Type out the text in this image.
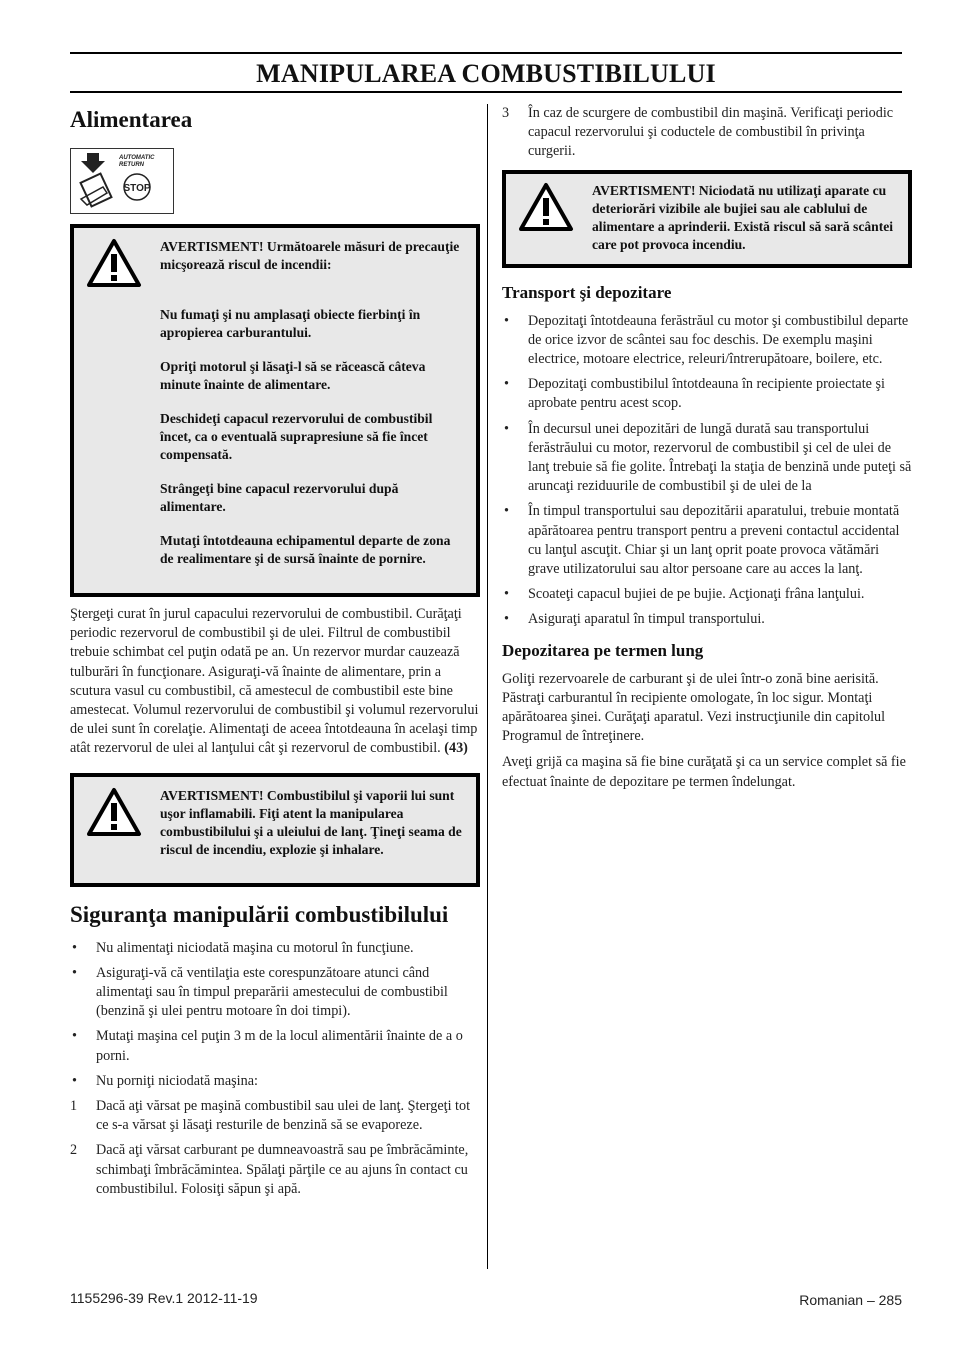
MANIPULAREA COMBUSTIBILULUI
Alimentarea
STOP
AUTOMATIC
RETURN

AVERTISMENT! Următoarele măsuri de precauţie micşorează riscul de incendii:

Nu fumaţi şi nu amplasaţi obiecte fierbinţi în apropierea carburantului.

Opriţi motorul şi lăsaţi-l să se răcească câteva minute înainte de alimentare.

Deschideţi capacul rezervorului de combustibil încet, ca o eventuală suprapresiune să fie încet compensată.

Strângeţi bine capacul rezervorului după alimentare.

Mutaţi întotdeauna echipamentul departe de zona de realimentare şi de sursă înainte de pornire.

Ştergeţi curat în jurul capacului rezervorului de combustibil. Curăţaţi periodic rezervorul de combustibil şi de ulei. Filtrul de combustibil trebuie schimbat cel puţin odată pe an. Un rezervor murdar cauzează tulburări în funcţionare. Asiguraţi-vă înainte de alimentare, prin a scutura vasul cu combustibil, că amestecul de combustibil este bine amestecat. Volumul rezervorului de combustibil şi volumul rezervorului de ulei sunt în corelaţie. Alimentaţi de aceea întotdeauna în acelaşi timp atât rezervorul de ulei al lanţului cât şi rezervorul de combustibil. (43)

AVERTISMENT! Combustibilul şi vaporii lui sunt uşor inflamabili. Fiţi atent la manipularea combustibilului şi a uleiului de lanţ. Ţineţi seama de riscul de incendiu, explozie şi inhalare.

Siguranţa manipulării combustibilului
• Nu alimentaţi niciodată maşina cu motorul în funcţiune.
• Asiguraţi-vă că ventilaţia este corespunzătoare atunci când alimentaţi sau în timpul preparării amestecului de combustibil (benzină şi ulei pentru motoare în doi timpi).
• Mutaţi maşina cel puţin 3 m de la locul alimentării înainte de a o porni.
• Nu porniţi niciodată maşina:
1 Dacă aţi vărsat pe maşină combustibil sau ulei de lanţ. Ştergeţi tot ce s-a vărsat şi lăsaţi resturile de benzină să se evaporeze.
2 Dacă aţi vărsat carburant pe dumneavoastră sau pe îmbrăcăminte, schimbaţi îmbrăcămintea. Spălaţi părţile ce au ajuns în contact cu combustibilul. Folosiţi săpun şi apă.
3 În caz de scurgere de combustibil din maşină. Verificaţi periodic capacul rezervorului şi coductele de combustibil în privinţa curgerii.

AVERTISMENT! Niciodată nu utilizaţi aparate cu deteriorări vizibile ale bujiei sau ale cablului de alimentare a aprinderii. Există riscul să sară scântei care pot provoca incendiu.

Transport şi depozitare
• Depozitaţi întotdeauna ferăstrăul cu motor şi combustibilul departe de orice izvor de scântei sau foc deschis. De exemplu maşini electrice, motoare electrice, releuri/întrerupătoare, boilere, etc.
• Depozitaţi combustibilul întotdeauna în recipiente proiectate şi aprobate pentru acest scop.
• În decursul unei depozitări de lungă durată sau transportului ferăstrăului cu motor, rezervorul de combustibil şi cel de ulei de lanţ trebuie să fie golite. Întrebaţi la staţia de benzină unde puteţi să aruncaţi reziduurile de combustibil şi de ulei de la
• În timpul transportului sau depozitării aparatului, trebuie montată apărătoarea pentru transport pentru a preveni contactul accidental cu lanţul ascuţit. Chiar şi un lanţ oprit poate provoca vătămări grave utilizatorului sau altor persoane care au acces la lanţ.
• Scoateţi capacul bujiei de pe bujie. Acţionaţi frâna lanţului.
• Asiguraţi aparatul în timpul transportului.
Depozitarea pe termen lung

Goliţi rezervoarele de carburant şi de ulei într-o zonă bine aerisită. Păstraţi carburantul în recipiente omologate, în loc sigur. Montaţi apărătoarea şinei. Curăţaţi aparatul. Vezi instrucţiunile din capitolul Programul de întreţinere.

Aveţi grijă ca maşina să fie bine curăţată şi ca un service complet să fie efectuat înainte de depozitare pe termen îndelungat.

1155296-39 Rev.1 2012-11-19	Romanian – 285
